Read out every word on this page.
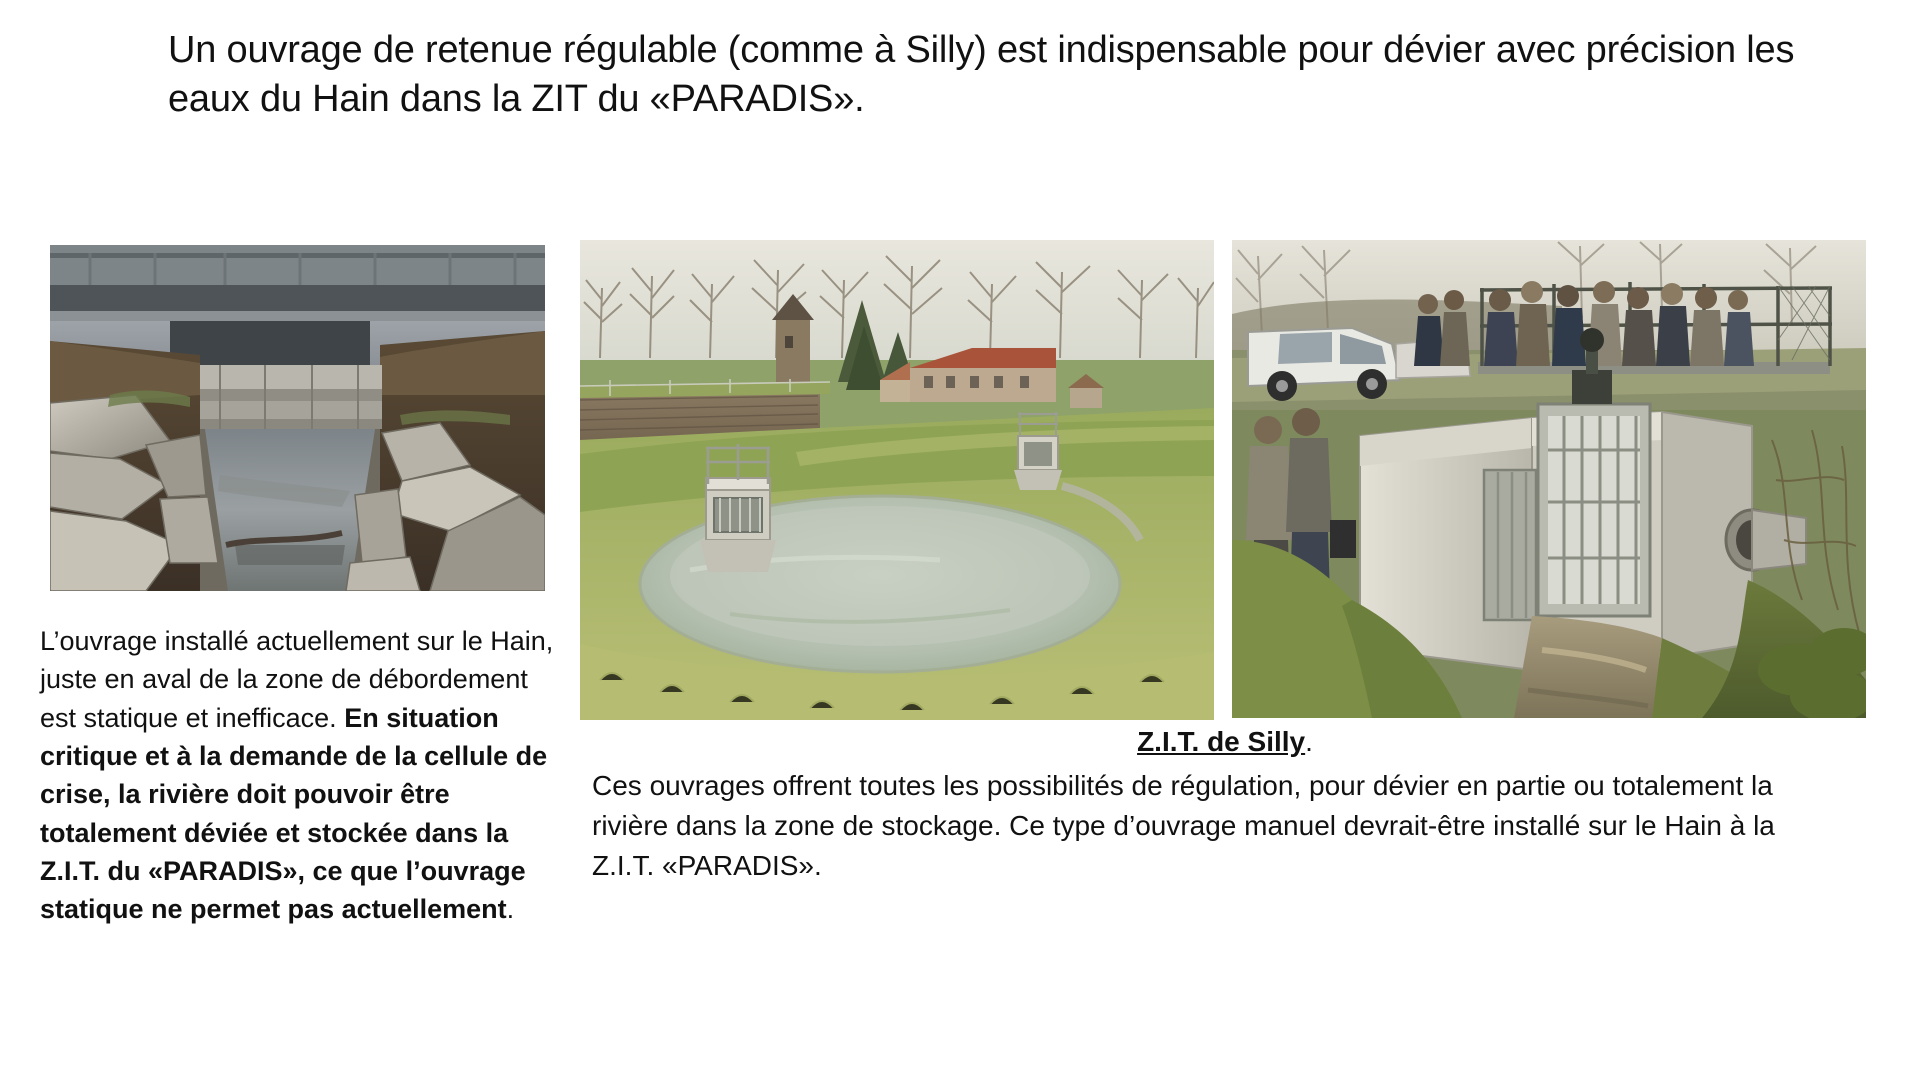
Un ouvrage de retenue régulable (comme à Silly) est indispensable pour dévier avec précision les eaux du Hain dans la ZIT du «PARADIS».
L’ouvrage installé actuellement sur le Hain, juste en aval de la zone de débordement est statique et inefficace. En situation critique et à la demande de la cellule de crise, la rivière doit pouvoir être totalement déviée et stockée dans la Z.I.T. du «PARADIS», ce que l’ouvrage statique ne permet pas actuellement.
Z.I.T. de Silly.
Ces ouvrages offrent toutes les possibilités de régulation, pour dévier en partie ou totalement la rivière dans la zone de stockage. Ce type d’ouvrage manuel devrait-être installé sur le Hain à la Z.I.T. «PARADIS».
